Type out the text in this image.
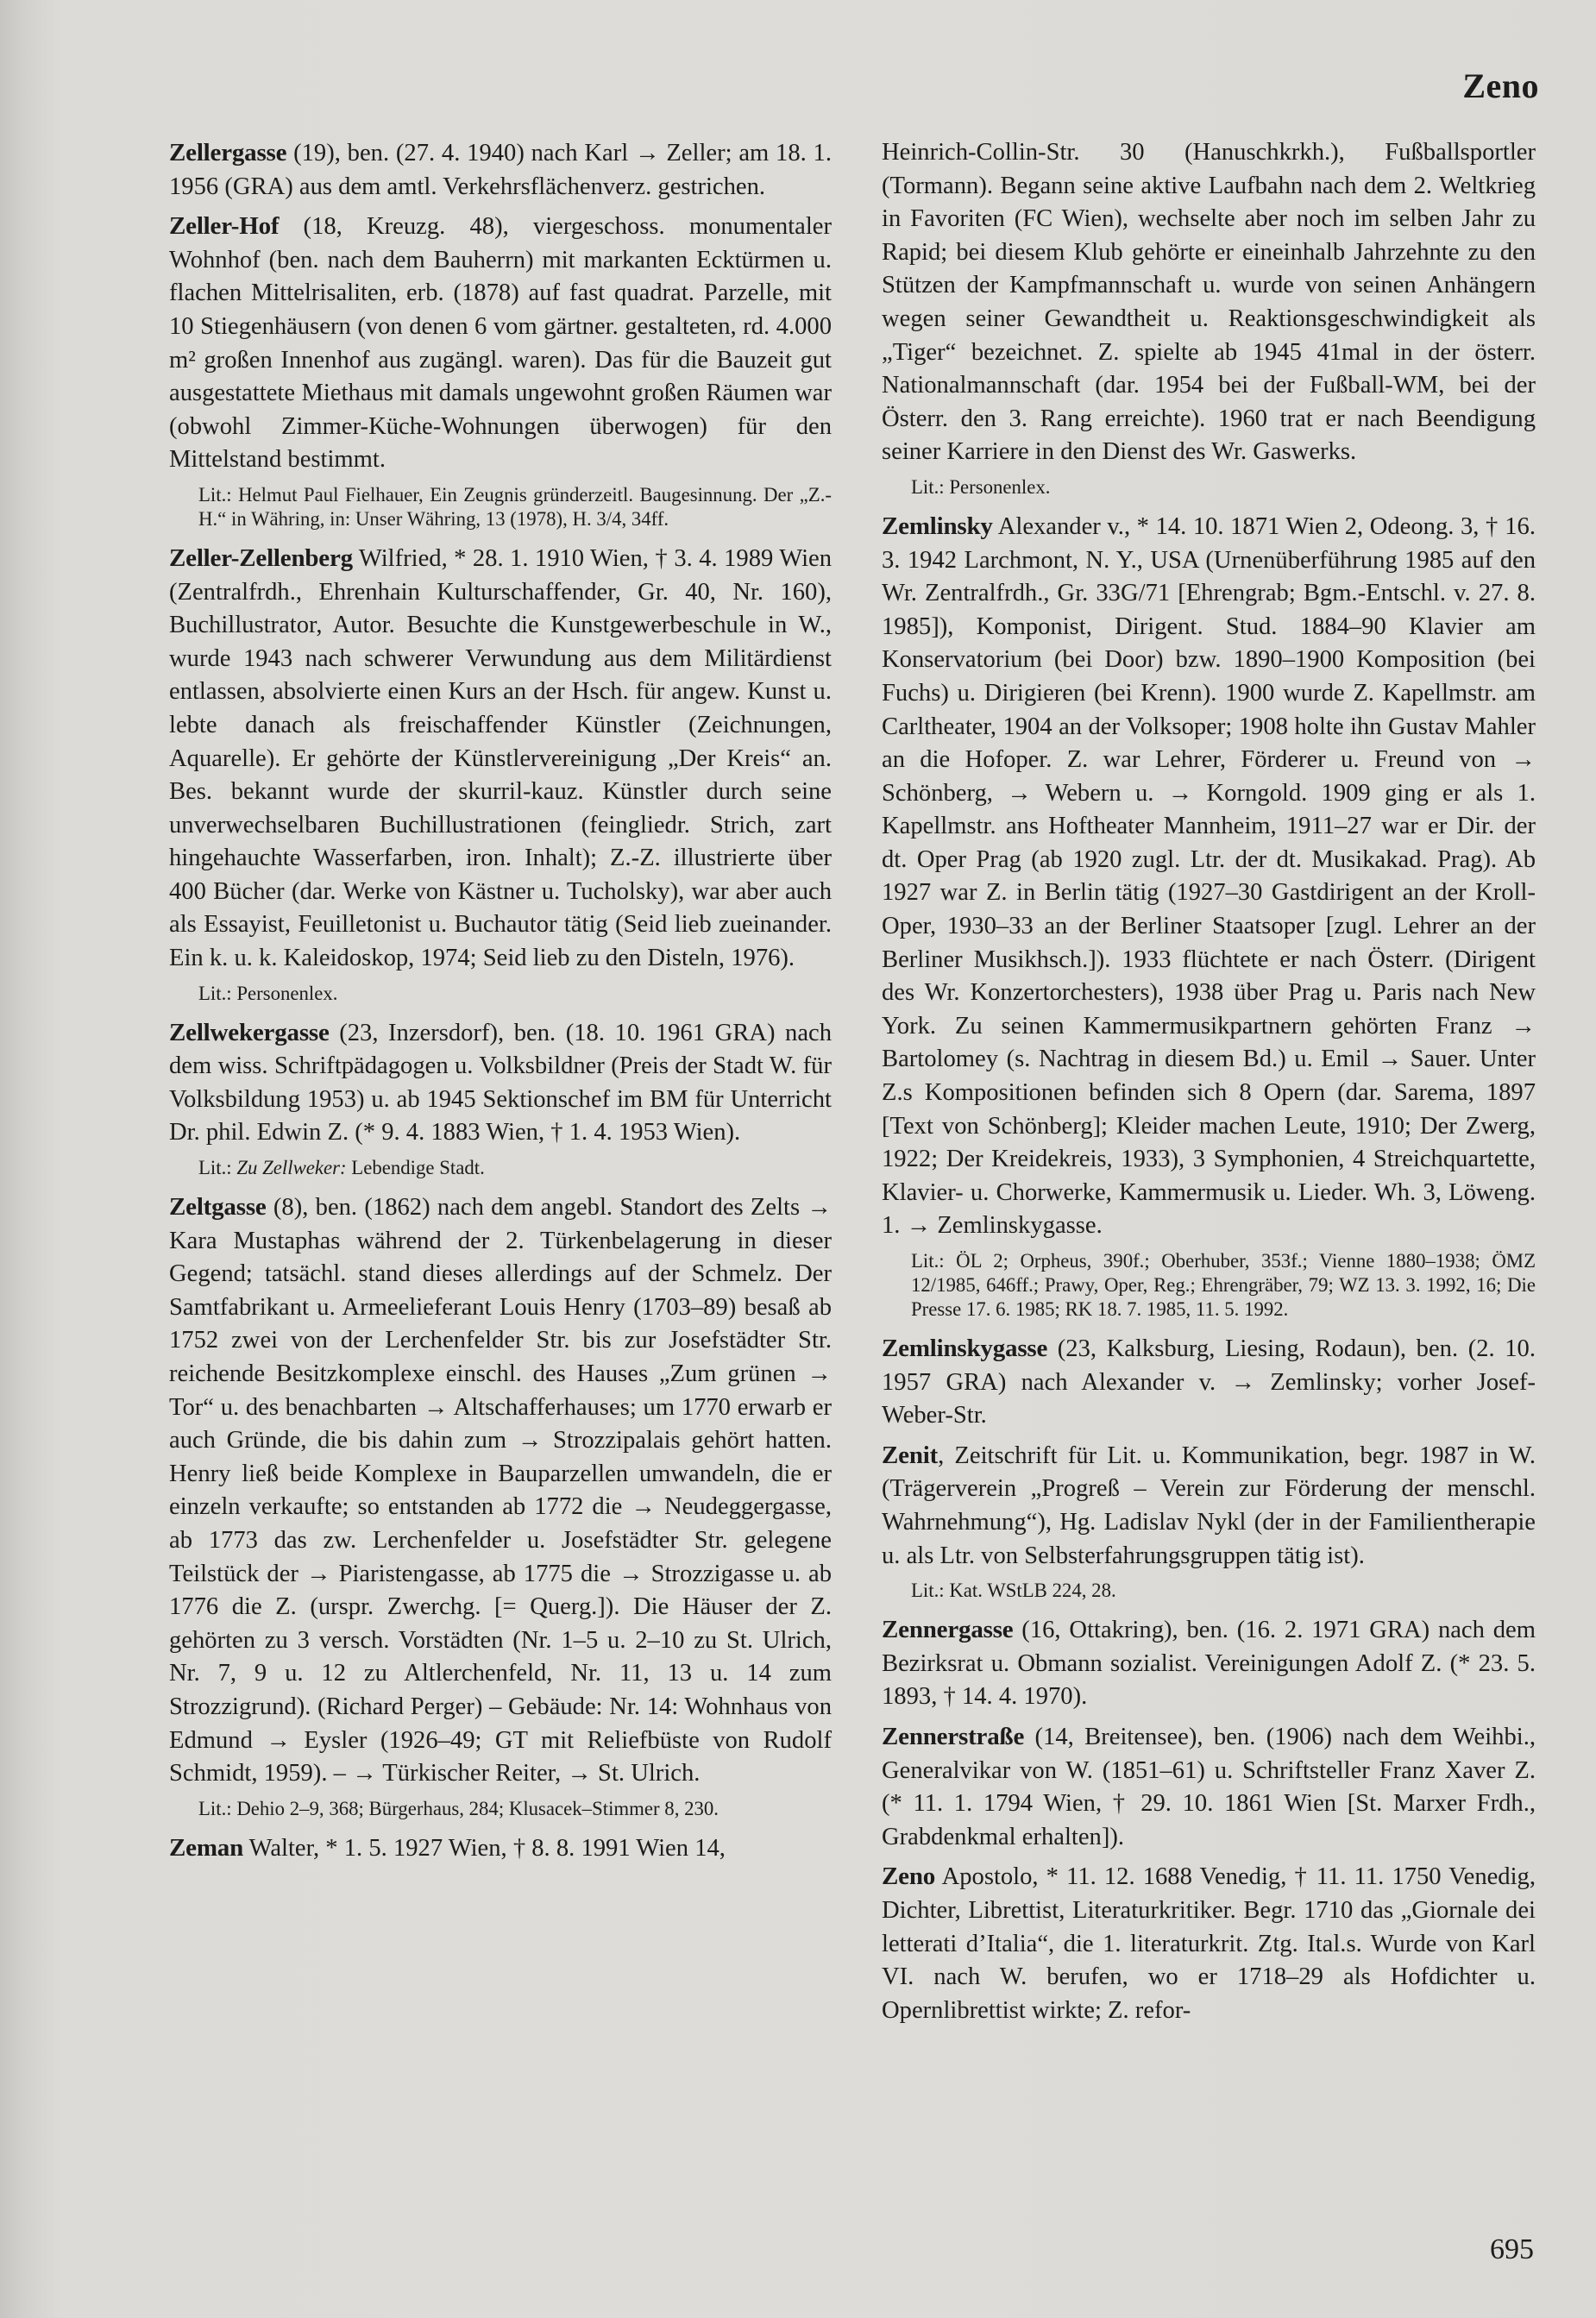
Zeno

Zellergasse (19), ben. (27. 4. 1940) nach Karl → Zeller; am 18. 1. 1956 (GRA) aus dem amtl. Verkehrsflächenverz. gestrichen.

Zeller-Hof (18, Kreuzg. 48), viergeschoss. monumentaler Wohnhof (ben. nach dem Bauherrn) mit markanten Ecktürmen u. flachen Mittelrisaliten, erb. (1878) auf fast quadrat. Parzelle, mit 10 Stiegenhäusern (von denen 6 vom gärtner. gestalteten, rd. 4.000 m² großen Innenhof aus zugängl. waren). Das für die Bauzeit gut ausgestattete Miethaus mit damals ungewohnt großen Räumen war (obwohl Zimmer-Küche-Wohnungen überwogen) für den Mittelstand bestimmt.

Lit.: Helmut Paul Fielhauer, Ein Zeugnis gründerzeitl. Baugesinnung. Der „Z.-H.“ in Währing, in: Unser Währing, 13 (1978), H. 3/4, 34ff.

Zeller-Zellenberg Wilfried, * 28. 1. 1910 Wien, † 3. 4. 1989 Wien (Zentralfrdh., Ehrenhain Kulturschaffender, Gr. 40, Nr. 160), Buchillustrator, Autor. Besuchte die Kunstgewerbeschule in W., wurde 1943 nach schwerer Verwundung aus dem Militärdienst entlassen, absolvierte einen Kurs an der Hsch. für angew. Kunst u. lebte danach als freischaffender Künstler (Zeichnungen, Aquarelle). Er gehörte der Künstlervereinigung „Der Kreis“ an. Bes. bekannt wurde der skurril-kauz. Künstler durch seine unverwechselbaren Buchillustrationen (feingliedr. Strich, zart hingehauchte Wasserfarben, iron. Inhalt); Z.-Z. illustrierte über 400 Bücher (dar. Werke von Kästner u. Tucholsky), war aber auch als Essayist, Feuilletonist u. Buchautor tätig (Seid lieb zueinander. Ein k. u. k. Kaleidoskop, 1974; Seid lieb zu den Disteln, 1976).

Lit.: Personenlex.

Zellwekergasse (23, Inzersdorf), ben. (18. 10. 1961 GRA) nach dem wiss. Schriftpädagogen u. Volksbildner (Preis der Stadt W. für Volksbildung 1953) u. ab 1945 Sektionschef im BM für Unterricht Dr. phil. Edwin Z. (* 9. 4. 1883 Wien, † 1. 4. 1953 Wien).

Lit.: Zu Zellweker: Lebendige Stadt.

Zeltgasse (8), ben. (1862) nach dem angebl. Standort des Zelts → Kara Mustaphas während der 2. Türkenbelagerung in dieser Gegend; tatsächl. stand dieses allerdings auf der Schmelz. Der Samtfabrikant u. Armeelieferant Louis Henry (1703–89) besaß ab 1752 zwei von der Lerchenfelder Str. bis zur Josefstädter Str. reichende Besitzkomplexe einschl. des Hauses „Zum grünen → Tor“ u. des benachbarten → Altschafferhauses; um 1770 erwarb er auch Gründe, die bis dahin zum → Strozzipalais gehört hatten. Henry ließ beide Komplexe in Bauparzellen umwandeln, die er einzeln verkaufte; so entstanden ab 1772 die → Neudeggergasse, ab 1773 das zw. Lerchenfelder u. Josefstädter Str. gelegene Teilstück der → Piaristengasse, ab 1775 die → Strozzigasse u. ab 1776 die Z. (urspr. Zwerchg. [= Querg.]). Die Häuser der Z. gehörten zu 3 versch. Vorstädten (Nr. 1–5 u. 2–10 zu St. Ulrich, Nr. 7, 9 u. 12 zu Altlerchenfeld, Nr. 11, 13 u. 14 zum Strozzigrund). (Richard Perger) – Gebäude: Nr. 14: Wohnhaus von Edmund → Eysler (1926–49; GT mit Reliefbüste von Rudolf Schmidt, 1959). – → Türkischer Reiter, → St. Ulrich.

Lit.: Dehio 2–9, 368; Bürgerhaus, 284; Klusacek–Stimmer 8, 230.

Zeman Walter, * 1. 5. 1927 Wien, † 8. 8. 1991 Wien 14,

Heinrich-Collin-Str. 30 (Hanuschkrkh.), Fußballsportler (Tormann). Begann seine aktive Laufbahn nach dem 2. Weltkrieg in Favoriten (FC Wien), wechselte aber noch im selben Jahr zu Rapid; bei diesem Klub gehörte er eineinhalb Jahrzehnte zu den Stützen der Kampfmannschaft u. wurde von seinen Anhängern wegen seiner Gewandtheit u. Reaktionsgeschwindigkeit als „Tiger“ bezeichnet. Z. spielte ab 1945 41mal in der österr. Nationalmannschaft (dar. 1954 bei der Fußball-WM, bei der Österr. den 3. Rang erreichte). 1960 trat er nach Beendigung seiner Karriere in den Dienst des Wr. Gaswerks.

Lit.: Personenlex.

Zemlinsky Alexander v., * 14. 10. 1871 Wien 2, Odeong. 3, † 16. 3. 1942 Larchmont, N. Y., USA (Urnenüberführung 1985 auf den Wr. Zentralfrdh., Gr. 33G/71 [Ehrengrab; Bgm.-Entschl. v. 27. 8. 1985]), Komponist, Dirigent. Stud. 1884–90 Klavier am Konservatorium (bei Door) bzw. 1890–1900 Komposition (bei Fuchs) u. Dirigieren (bei Krenn). 1900 wurde Z. Kapellmstr. am Carltheater, 1904 an der Volksoper; 1908 holte ihn Gustav Mahler an die Hofoper. Z. war Lehrer, Förderer u. Freund von → Schönberg, → Webern u. → Korngold. 1909 ging er als 1. Kapellmstr. ans Hoftheater Mannheim, 1911–27 war er Dir. der dt. Oper Prag (ab 1920 zugl. Ltr. der dt. Musikakad. Prag). Ab 1927 war Z. in Berlin tätig (1927–30 Gastdirigent an der Kroll-Oper, 1930–33 an der Berliner Staatsoper [zugl. Lehrer an der Berliner Musikhsch.]). 1933 flüchtete er nach Österr. (Dirigent des Wr. Konzertorchesters), 1938 über Prag u. Paris nach New York. Zu seinen Kammermusikpartnern gehörten Franz → Bartolomey (s. Nachtrag in diesem Bd.) u. Emil → Sauer. Unter Z.s Kompositionen befinden sich 8 Opern (dar. Sarema, 1897 [Text von Schönberg]; Kleider machen Leute, 1910; Der Zwerg, 1922; Der Kreidekreis, 1933), 3 Symphonien, 4 Streichquartette, Klavier- u. Chorwerke, Kammermusik u. Lieder. Wh. 3, Löweng. 1. → Zemlinskygasse.

Lit.: ÖL 2; Orpheus, 390f.; Oberhuber, 353f.; Vienne 1880–1938; ÖMZ 12/1985, 646ff.; Prawy, Oper, Reg.; Ehrengräber, 79; WZ 13. 3. 1992, 16; Die Presse 17. 6. 1985; RK 18. 7. 1985, 11. 5. 1992.

Zemlinskygasse (23, Kalksburg, Liesing, Rodaun), ben. (2. 10. 1957 GRA) nach Alexander v. → Zemlinsky; vorher Josef-Weber-Str.

Zenit, Zeitschrift für Lit. u. Kommunikation, begr. 1987 in W. (Trägerverein „Progreß – Verein zur Förderung der menschl. Wahrnehmung“), Hg. Ladislav Nykl (der in der Familientherapie u. als Ltr. von Selbsterfahrungsgruppen tätig ist).

Lit.: Kat. WStLB 224, 28.

Zennergasse (16, Ottakring), ben. (16. 2. 1971 GRA) nach dem Bezirksrat u. Obmann sozialist. Vereinigungen Adolf Z. (* 23. 5. 1893, † 14. 4. 1970).

Zennerstraße (14, Breitensee), ben. (1906) nach dem Weihbi., Generalvikar von W. (1851–61) u. Schriftsteller Franz Xaver Z. (* 11. 1. 1794 Wien, † 29. 10. 1861 Wien [St. Marxer Frdh., Grabdenkmal erhalten]).

Zeno Apostolo, * 11. 12. 1688 Venedig, † 11. 11. 1750 Venedig, Dichter, Librettist, Literaturkritiker. Begr. 1710 das „Giornale dei letterati d’Italia“, die 1. literaturkrit. Ztg. Ital.s. Wurde von Karl VI. nach W. berufen, wo er 1718–29 als Hofdichter u. Opernlibrettist wirkte; Z. refor-

695
